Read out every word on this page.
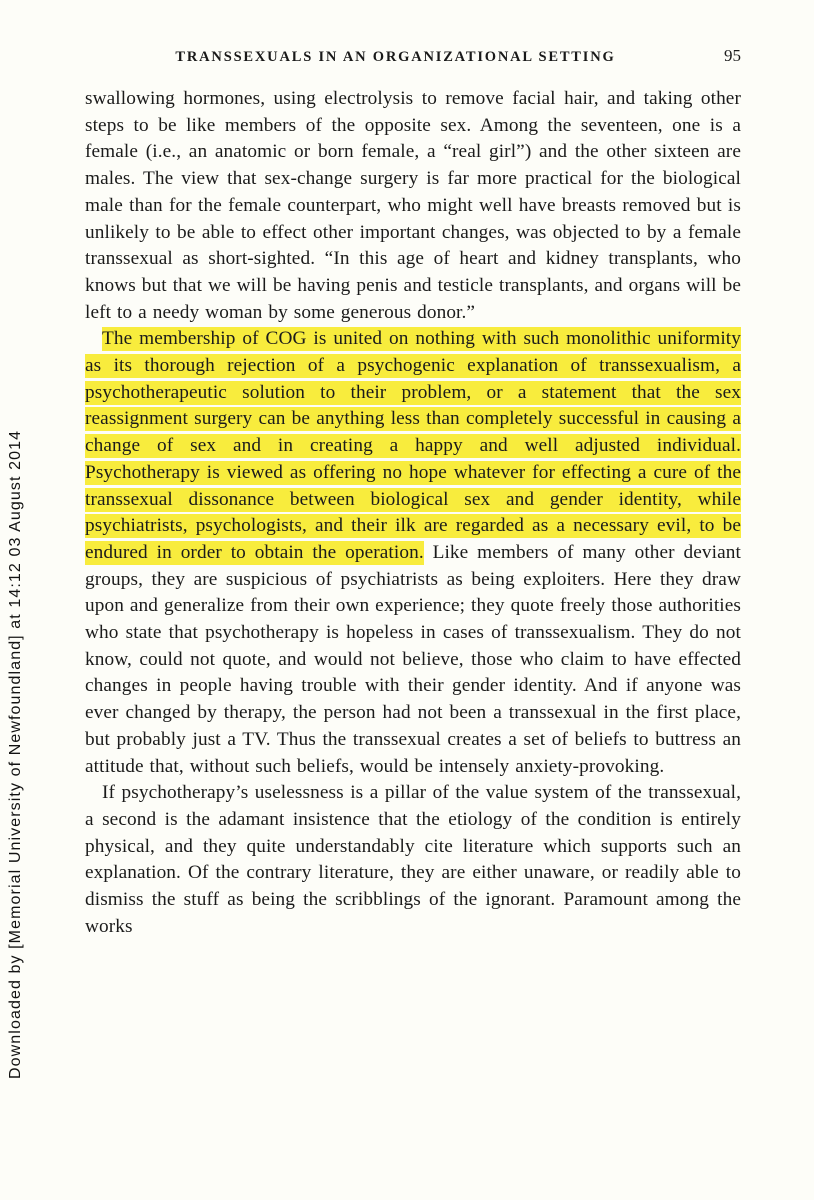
Downloaded by [Memorial University of Newfoundland] at 14:12 03 August 2014
TRANSSEXUALS IN AN ORGANIZATIONAL SETTING	95

swallowing hormones, using electrolysis to remove facial hair, and taking other steps to be like members of the opposite sex. Among the seventeen, one is a female (i.e., an anatomic or born female, a “real girl”) and the other sixteen are males. The view that sex-change surgery is far more practical for the biological male than for the female counterpart, who might well have breasts removed but is unlikely to be able to effect other important changes, was objected to by a female transsexual as short-sighted. “In this age of heart and kidney transplants, who knows but that we will be having penis and testicle transplants, and organs will be left to a needy woman by some generous donor.”

The membership of COG is united on nothing with such monolithic uniformity as its thorough rejection of a psychogenic explanation of transsexualism, a psychotherapeutic solution to their problem, or a statement that the sex reassignment surgery can be anything less than completely successful in causing a change of sex and in creating a happy and well adjusted individual. Psychotherapy is viewed as offering no hope whatever for effecting a cure of the transsexual dissonance between biological sex and gender identity, while psychiatrists, psychologists, and their ilk are regarded as a necessary evil, to be endured in order to obtain the operation. Like members of many other deviant groups, they are suspicious of psychiatrists as being exploiters. Here they draw upon and generalize from their own experience; they quote freely those authorities who state that psychotherapy is hopeless in cases of transsexualism. They do not know, could not quote, and would not believe, those who claim to have effected changes in people having trouble with their gender identity. And if anyone was ever changed by therapy, the person had not been a transsexual in the first place, but probably just a TV. Thus the transsexual creates a set of beliefs to buttress an attitude that, without such beliefs, would be intensely anxiety-provoking.

If psychotherapy’s uselessness is a pillar of the value system of the transsexual, a second is the adamant insistence that the etiology of the condition is entirely physical, and they quite understandably cite literature which supports such an explanation. Of the contrary literature, they are either unaware, or readily able to dismiss the stuff as being the scribblings of the ignorant. Paramount among the works
